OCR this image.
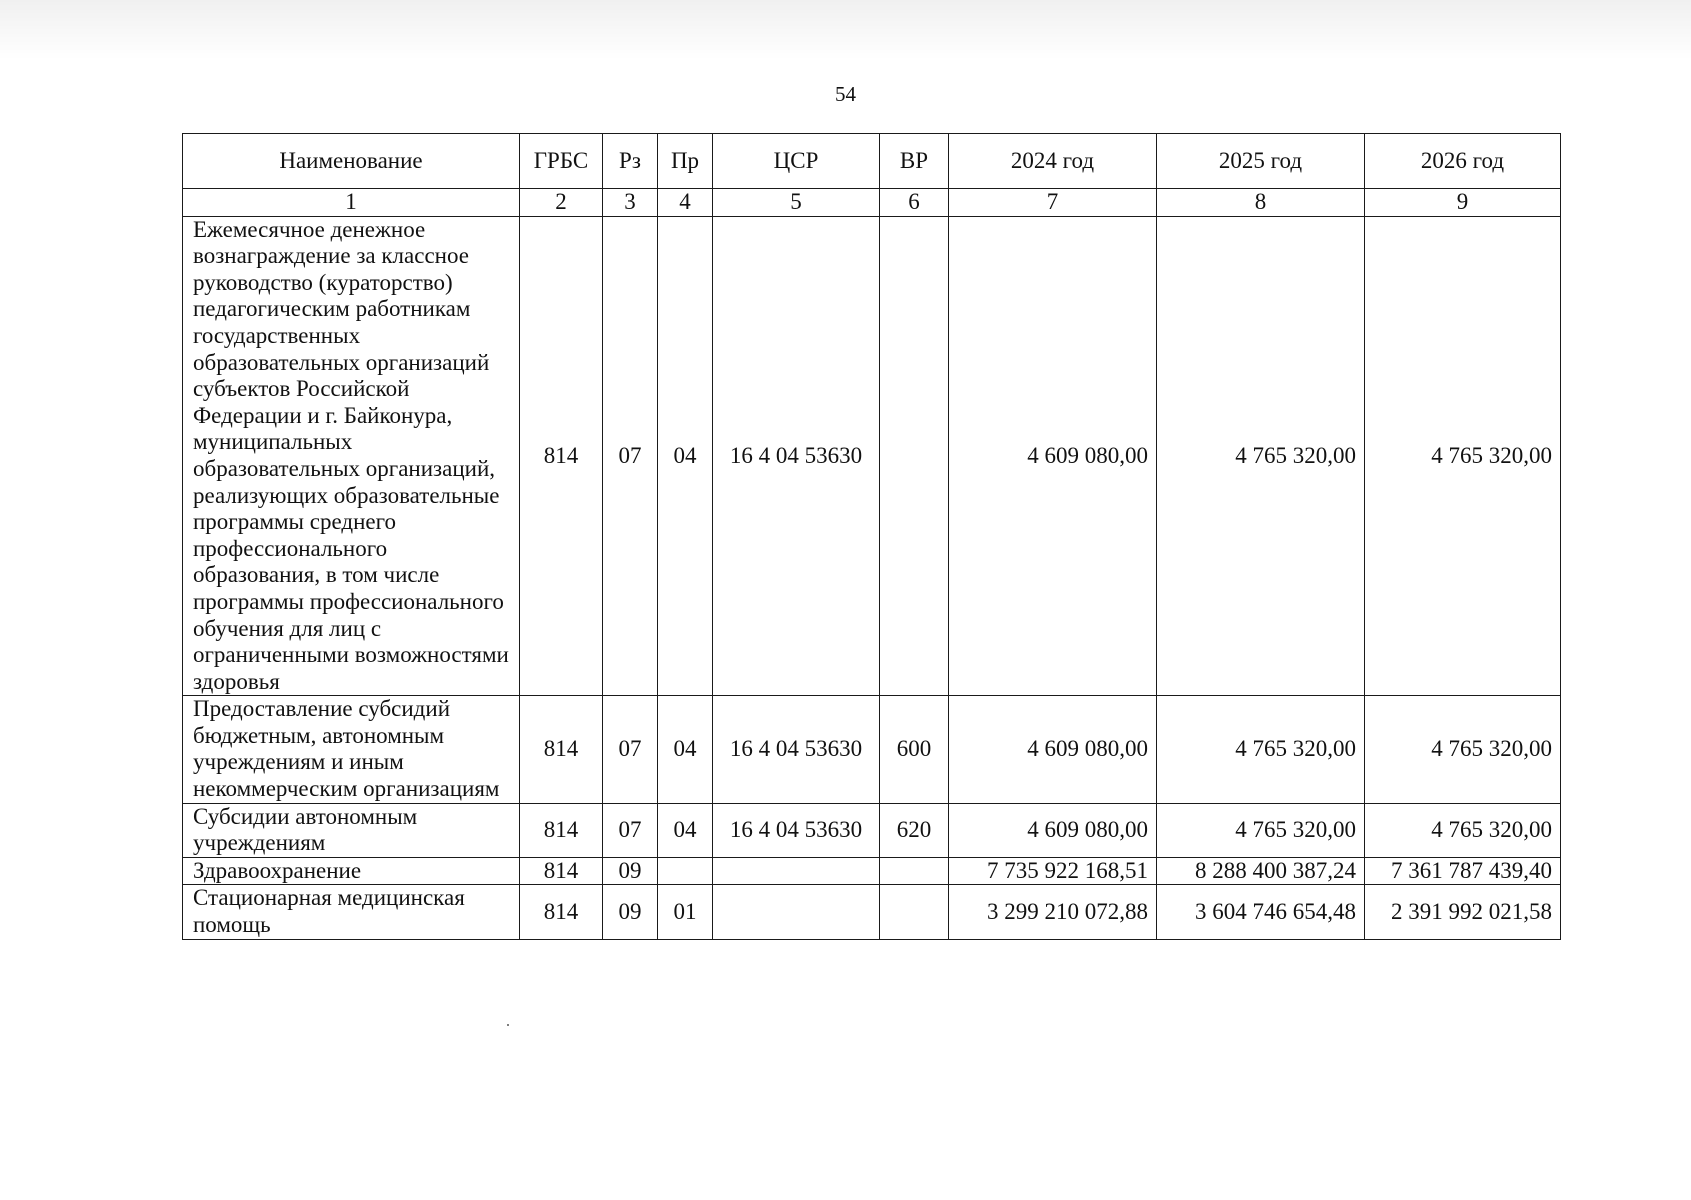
54
Наименование	ГРБС	Рз	Пр	ЦСР	ВР	2024 год	2025 год	2026 год
1	2	3	4	5	6	7	8	9
Ежемесячное денежное вознаграждение за классное руководство (кураторство) педагогическим работникам государственных образовательных организаций субъектов Российской Федерации и г. Байконура, муниципальных образовательных организаций, реализующих образовательные программы среднего профессионального образования, в том числе программы профессионального обучения для лиц с ограниченными возможностями здоровья	814	07	04	16 4 04 53630		4 609 080,00	4 765 320,00	4 765 320,00
Предоставление субсидий бюджетным, автономным учреждениям и иным некоммерческим организациям	814	07	04	16 4 04 53630	600	4 609 080,00	4 765 320,00	4 765 320,00
Субсидии автономным учреждениям	814	07	04	16 4 04 53630	620	4 609 080,00	4 765 320,00	4 765 320,00
Здравоохранение	814	09				7 735 922 168,51	8 288 400 387,24	7 361 787 439,40
Стационарная медицинская помощь	814	09	01			3 299 210 072,88	3 604 746 654,48	2 391 992 021,58
